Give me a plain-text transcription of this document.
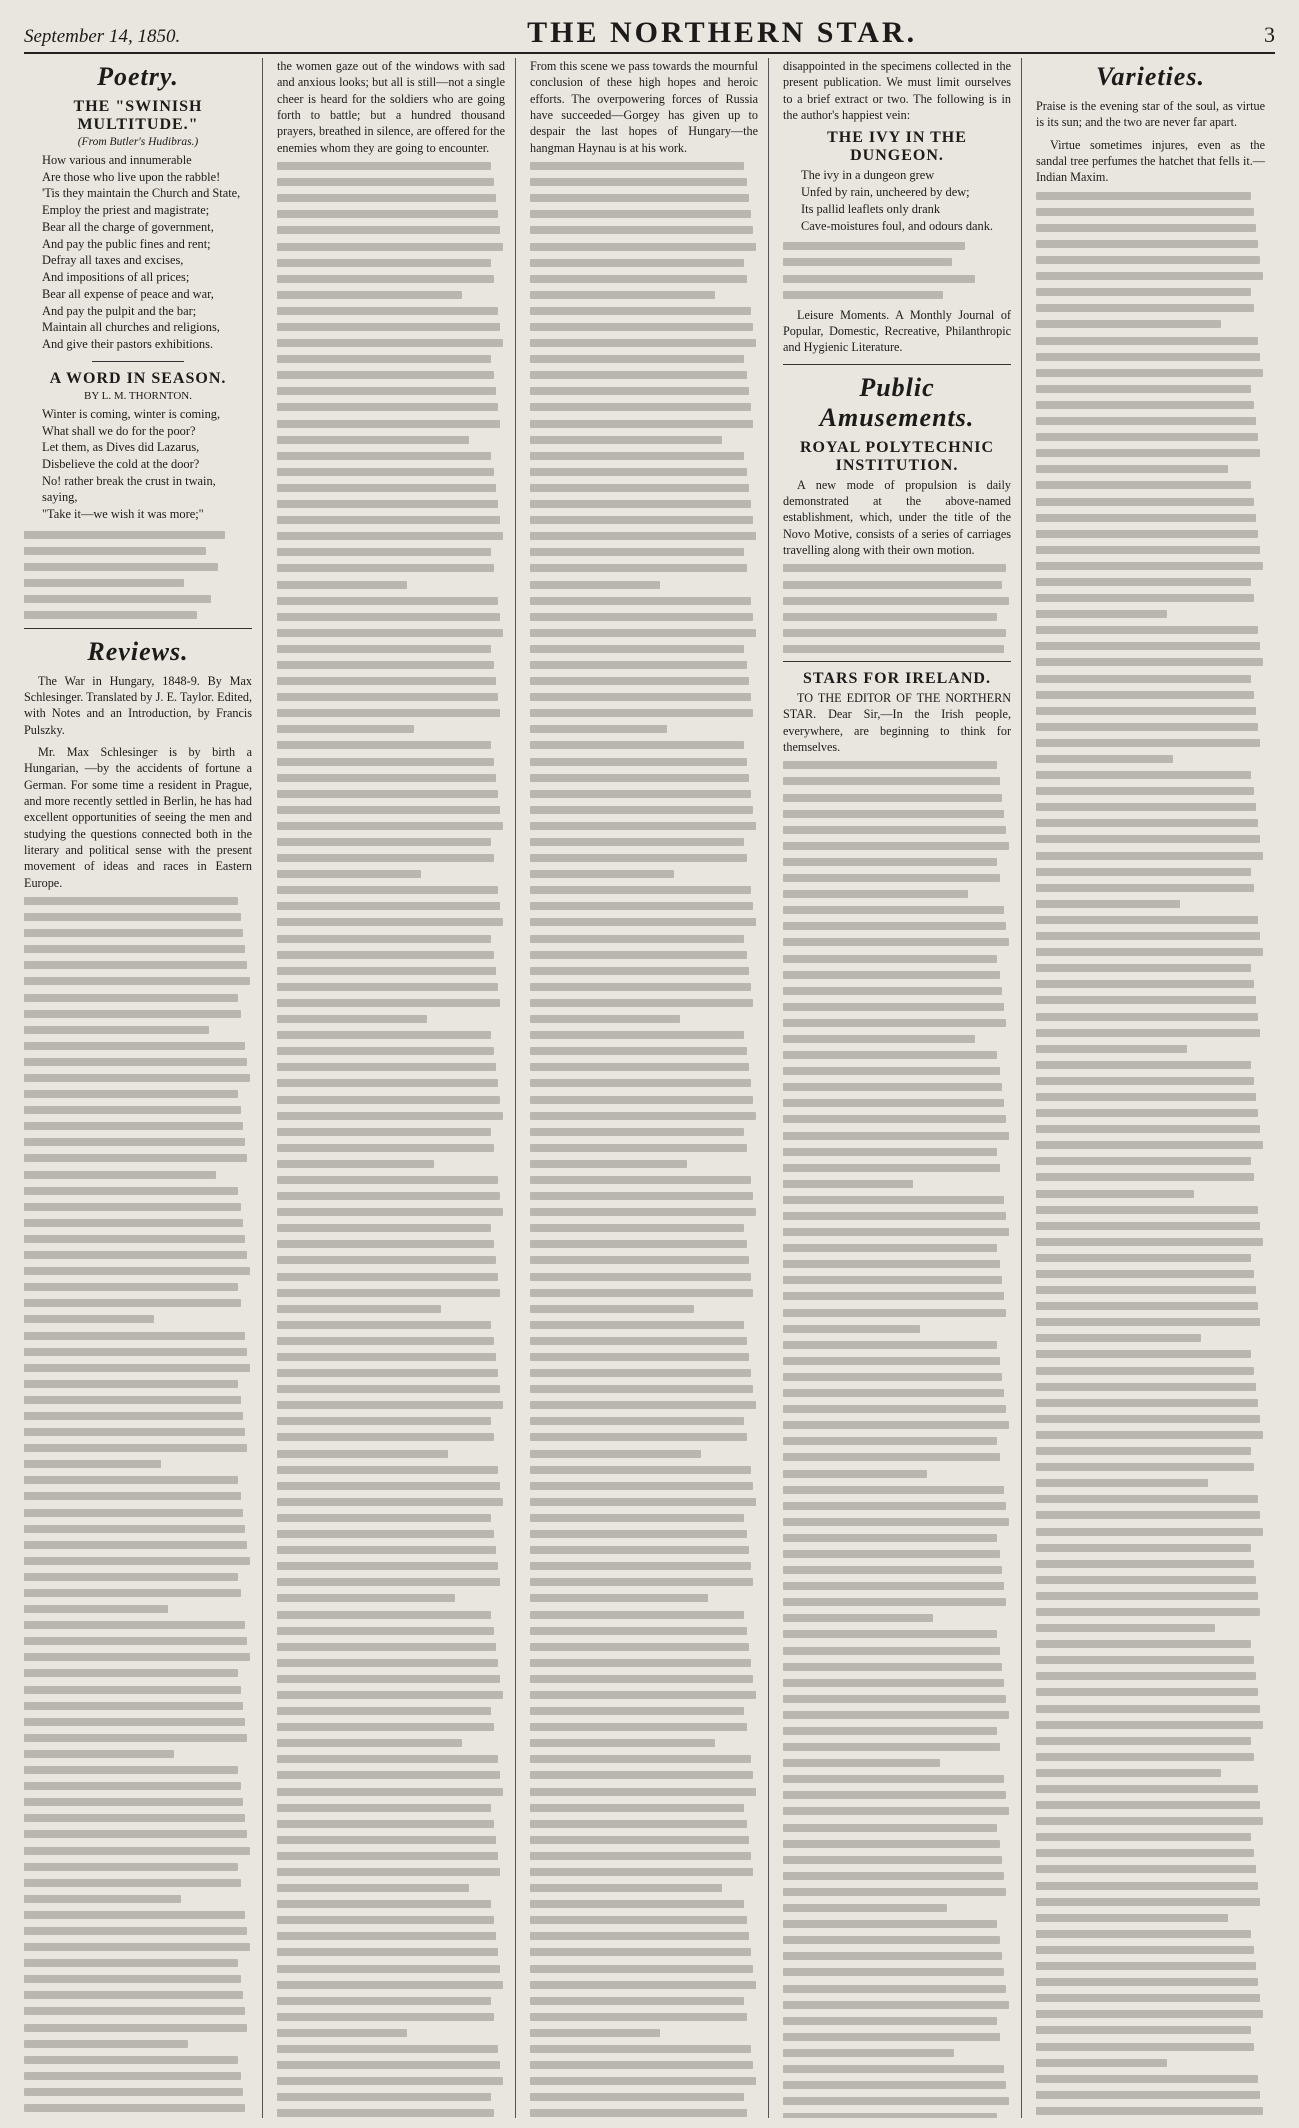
September 14, 1850.	THE NORTHERN STAR.	3
Poetry.
THE "SWINISH MULTITUDE."
(From Butler's Hudibras.)
How various and innumerable
Are those who live upon the rabble!
'Tis they maintain the Church and State,
Employ the priest and magistrate;
Bear all the charge of government,
And pay the public fines and rent;
Defray all taxes and excises,
And impositions of all prices;
Bear all expense of peace and war,
And pay the pulpit and the bar;
Maintain all churches and religions,
And give their pastors exhibitions.
A WORD IN SEASON.
BY L. M. THORNTON.
Winter is coming, winter is coming,
What shall we do for the poor?
Let them, as Dives did Lazarus,
Disbelieve the cold at the door?
No! rather break the crust in twain, saying,
"Take it—we wish it was more;"
Reviews.

The War in Hungary, 1848-9. By Max Schlesinger. Translated by J. E. Taylor. Edited, with Notes and an Introduction, by Francis Pulszky.

Mr. Max Schlesinger is by birth a Hungarian, —by the accidents of fortune a German. For some time a resident in Prague, and more recently settled in Berlin, he has had excellent opportunities of seeing the men and studying the questions connected both in the literary and political sense with the present movement of ideas and races in Eastern Europe.

the women gaze out of the windows with sad and anxious looks; but all is still—not a single cheer is heard for the soldiers who are going forth to battle; but a hundred thousand prayers, breathed in silence, are offered for the enemies whom they are going to encounter.

From this scene we pass towards the mournful conclusion of these high hopes and heroic efforts. The overpowering forces of Russia have succeeded—Gorgey has given up to despair the last hopes of Hungary—the hangman Haynau is at his work.

disappointed in the specimens collected in the present publication. We must limit ourselves to a brief extract or two. The following is in the author's happiest vein:

THE IVY IN THE DUNGEON.
The ivy in a dungeon grew
Unfed by rain, uncheered by dew;
Its pallid leaflets only drank
Cave-moistures foul, and odours dank.

Leisure Moments. A Monthly Journal of Popular, Domestic, Recreative, Philanthropic and Hygienic Literature.

Public Amusements.
ROYAL POLYTECHNIC INSTITUTION.

A new mode of propulsion is daily demonstrated at the above-named establishment, which, under the title of the Novo Motive, consists of a series of carriages travelling along with their own motion.

STARS FOR IRELAND.

TO THE EDITOR OF THE NORTHERN STAR. Dear Sir,—In the Irish people, everywhere, are beginning to think for themselves.

Varieties.

Praise is the evening star of the soul, as virtue is its sun; and the two are never far apart.

Virtue sometimes injures, even as the sandal tree perfumes the hatchet that fells it.—Indian Maxim.
